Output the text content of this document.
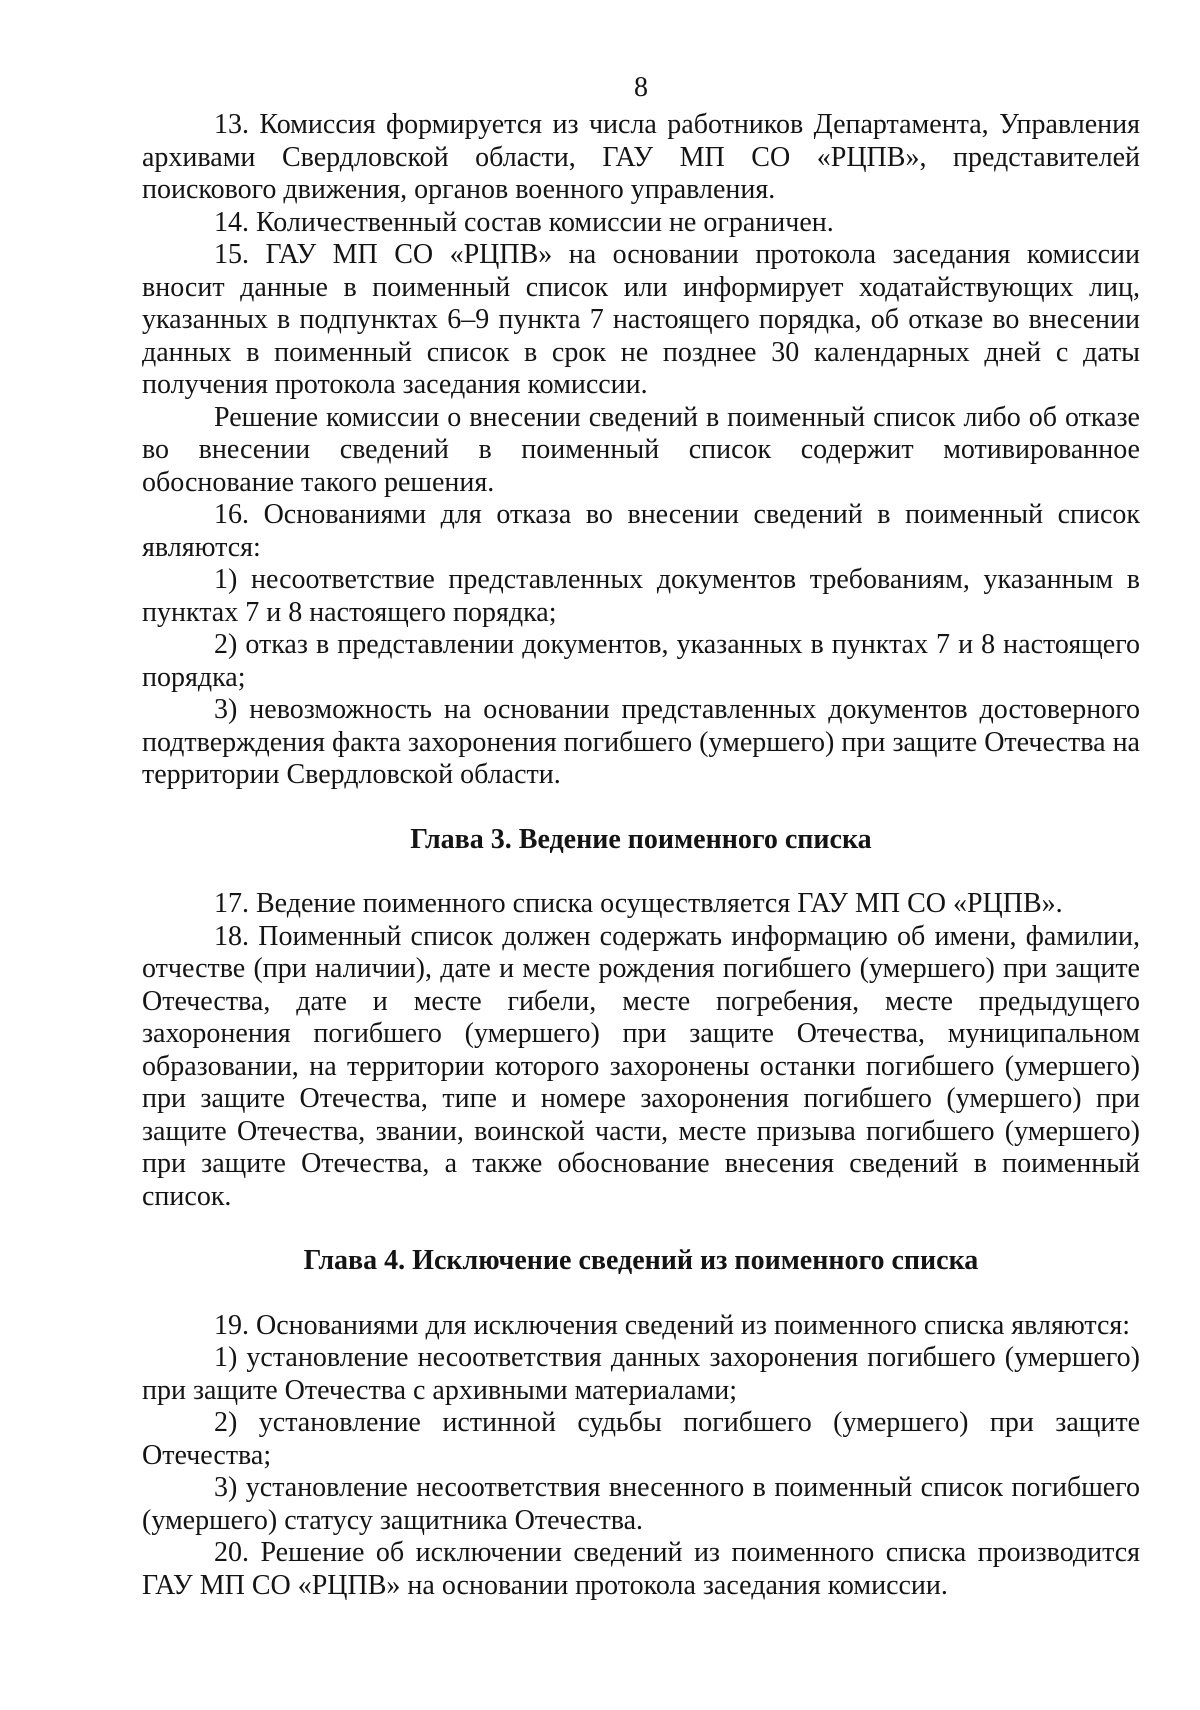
8

13. Комиссия формируется из числа работников Департамента, Управления архивами Свердловской области, ГАУ МП СО «РЦПВ», представителей поискового движения, органов военного управления.

14. Количественный состав комиссии не ограничен.

15. ГАУ МП СО «РЦПВ» на основании протокола заседания комиссии вносит данные в поименный список или информирует ходатайствующих лиц, указанных в подпунктах 6–9 пункта 7 настоящего порядка, об отказе во внесении данных в поименный список в срок не позднее 30 календарных дней с даты получения протокола заседания комиссии.

Решение комиссии о внесении сведений в поименный список либо об отказе во внесении сведений в поименный список содержит мотивированное обоснование такого решения.

16. Основаниями для отказа во внесении сведений в поименный список являются:

1) несоответствие представленных документов требованиям, указанным в пунктах 7 и 8 настоящего порядка;

2) отказ в представлении документов, указанных в пунктах 7 и 8 настоящего порядка;

3) невозможность на основании представленных документов достоверного подтверждения факта захоронения погибшего (умершего) при защите Отечества на территории Свердловской области.

Глава 3. Ведение поименного списка

17. Ведение поименного списка осуществляется ГАУ МП СО «РЦПВ».

18. Поименный список должен содержать информацию об имени, фамилии, отчестве (при наличии), дате и месте рождения погибшего (умершего) при защите Отечества, дате и месте гибели, месте погребения, месте предыдущего захоронения погибшего (умершего) при защите Отечества, муниципальном образовании, на территории которого захоронены останки погибшего (умершего) при защите Отечества, типе и номере захоронения погибшего (умершего) при защите Отечества, звании, воинской части, месте призыва погибшего (умершего) при защите Отечества, а также обоснование внесения сведений в поименный список.

Глава 4. Исключение сведений из поименного списка

19. Основаниями для исключения сведений из поименного списка являются:

1) установление несоответствия данных захоронения погибшего (умершего) при защите Отечества с архивными материалами;

2) установление истинной судьбы погибшего (умершего) при защите Отечества;

3) установление несоответствия внесенного в поименный список погибшего (умершего) статусу защитника Отечества.

20. Решение об исключении сведений из поименного списка производится ГАУ МП СО «РЦПВ» на основании протокола заседания комиссии.
